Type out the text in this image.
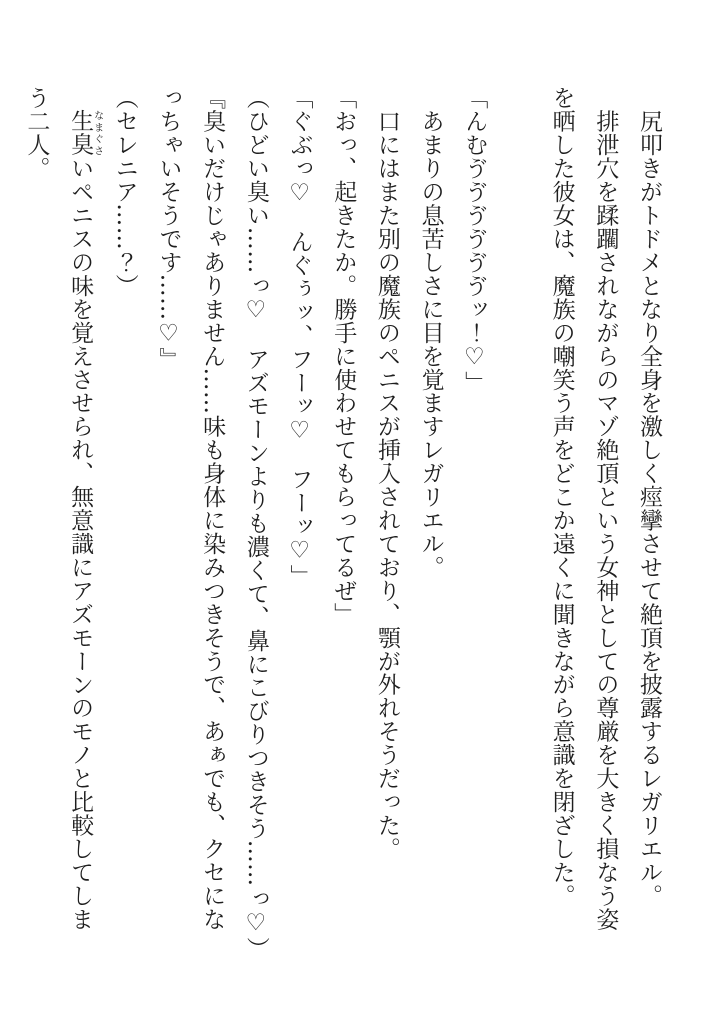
　尻叩きがトドメとなり全身を激しく痙攣させて絶頂を披露するレガリエル。

　排泄穴を蹂躙されながらのマゾ絶頂という女神としての尊厳を大きく損なう姿
を晒した彼女は、魔族の嘲笑う声をどこか遠くに聞きながら意識を閉ざした。

「んむゔゔゔゔゔゔッ！♡」

　あまりの息苦しさに目を覚ますレガリエル。

　口にはまた別の魔族のペニスが挿入されており、顎が外れそうだった。

「おっ、起きたか。勝手に使わせてもらってるぜ」

「ぐぶっ♡　んぐぅッ、フーッ♡　フーッ♡」

（ひどい臭い……っ♡　アズモーンよりも濃くて、鼻にこびりつきそう……っ♡）

『臭いだけじゃありません……味も身体に染みつきそうで、あぁでも、クセにな
っちゃいそうです……♡』

（セレニア……？）

　生臭なまぐさいペニスの味を覚えさせられ、無意識にアズモーンのモノと比較してしま
う二人。
